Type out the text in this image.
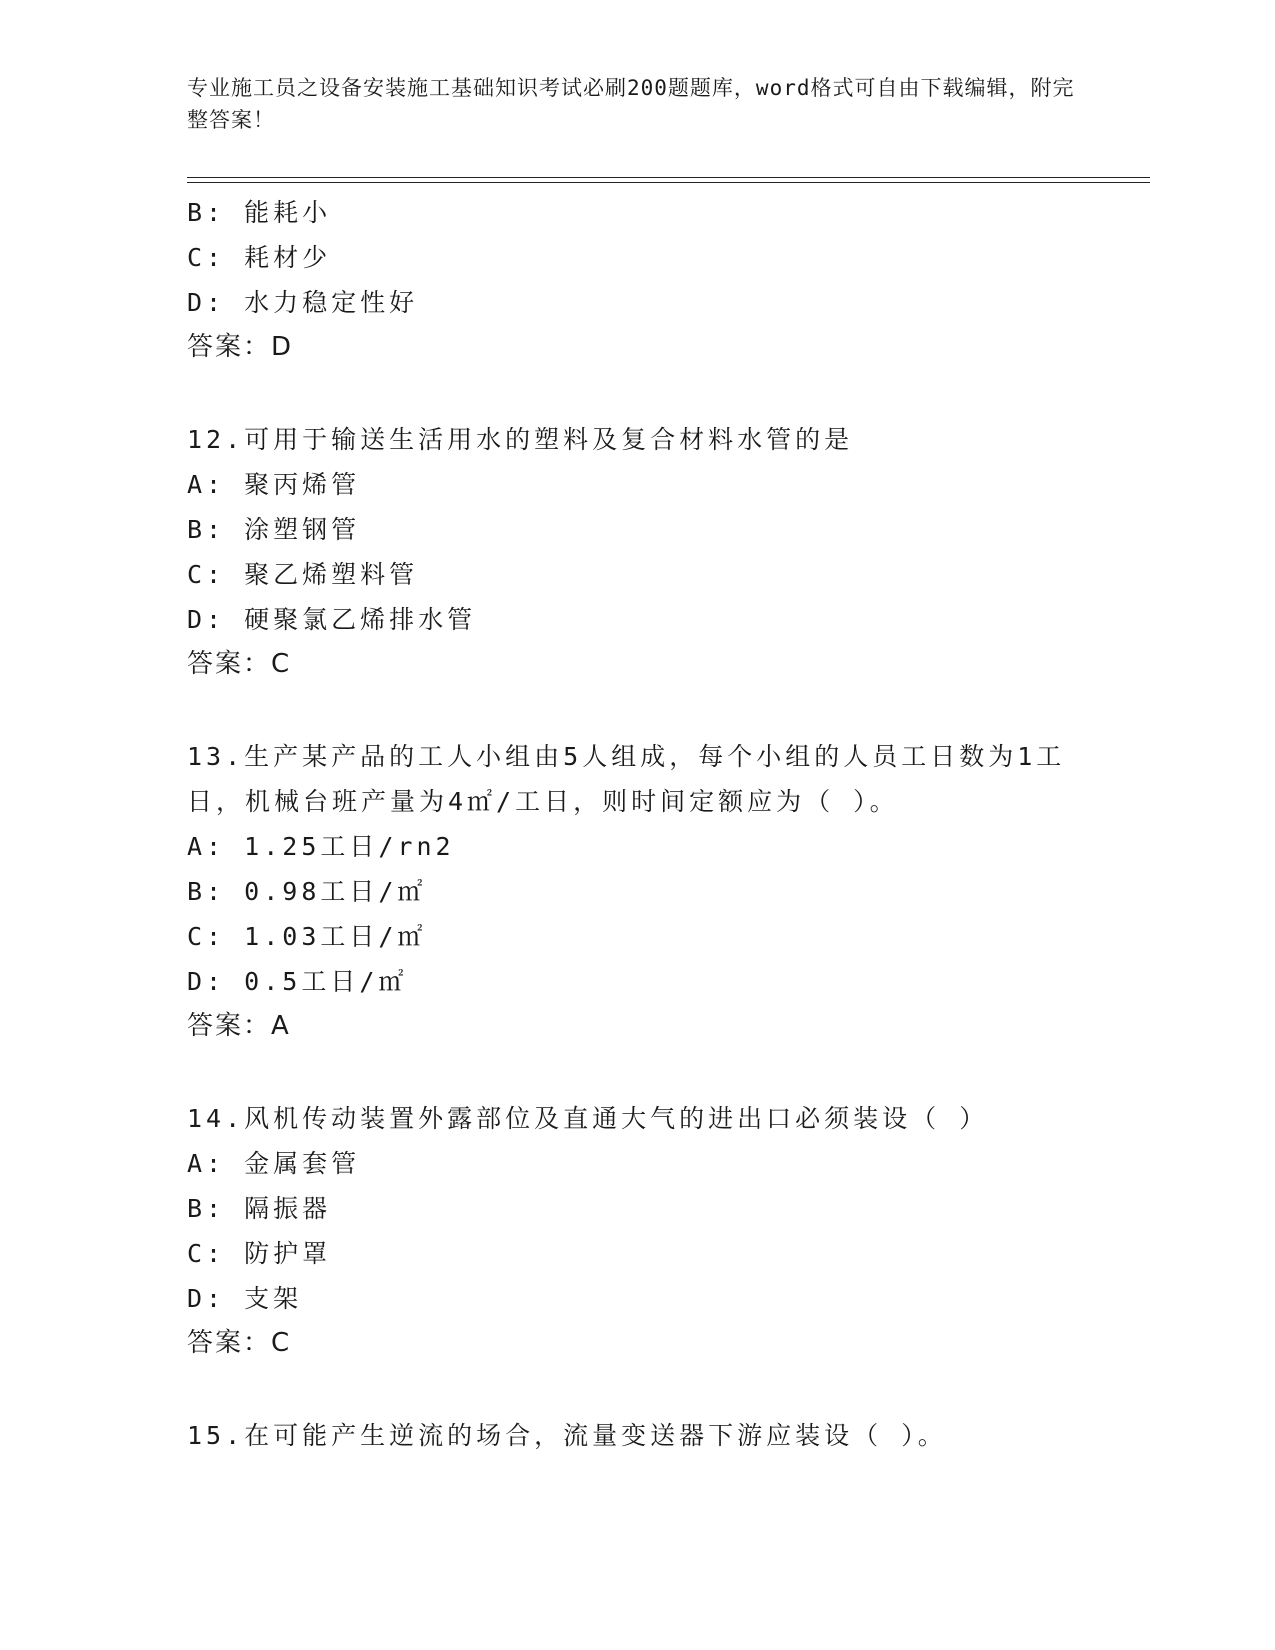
专业施工员之设备安装施工基础知识考试必刷200题题库，word格式可自由下载编辑，附完整答案！
B: 能耗小
C: 耗材少
D: 水力稳定性好
答案：D
12.可用于输送生活用水的塑料及复合材料水管的是
A: 聚丙烯管
B: 涂塑钢管
C: 聚乙烯塑料管
D: 硬聚氯乙烯排水管
答案：C
13.生产某产品的工人小组由5人组成，每个小组的人员工日数为1工
日，机械台班产量为4㎡/工日，则时间定额应为（ ）。
A: 1.25工日/rn2
B: 0.98工日/㎡
C: 1.03工日/㎡
D: 0.5工日/㎡
答案：A
14.风机传动装置外露部位及直通大气的进出口必须装设（ ）
A: 金属套管
B: 隔振器
C: 防护罩
D: 支架
答案：C
15.在可能产生逆流的场合，流量变送器下游应装设（ ）。
